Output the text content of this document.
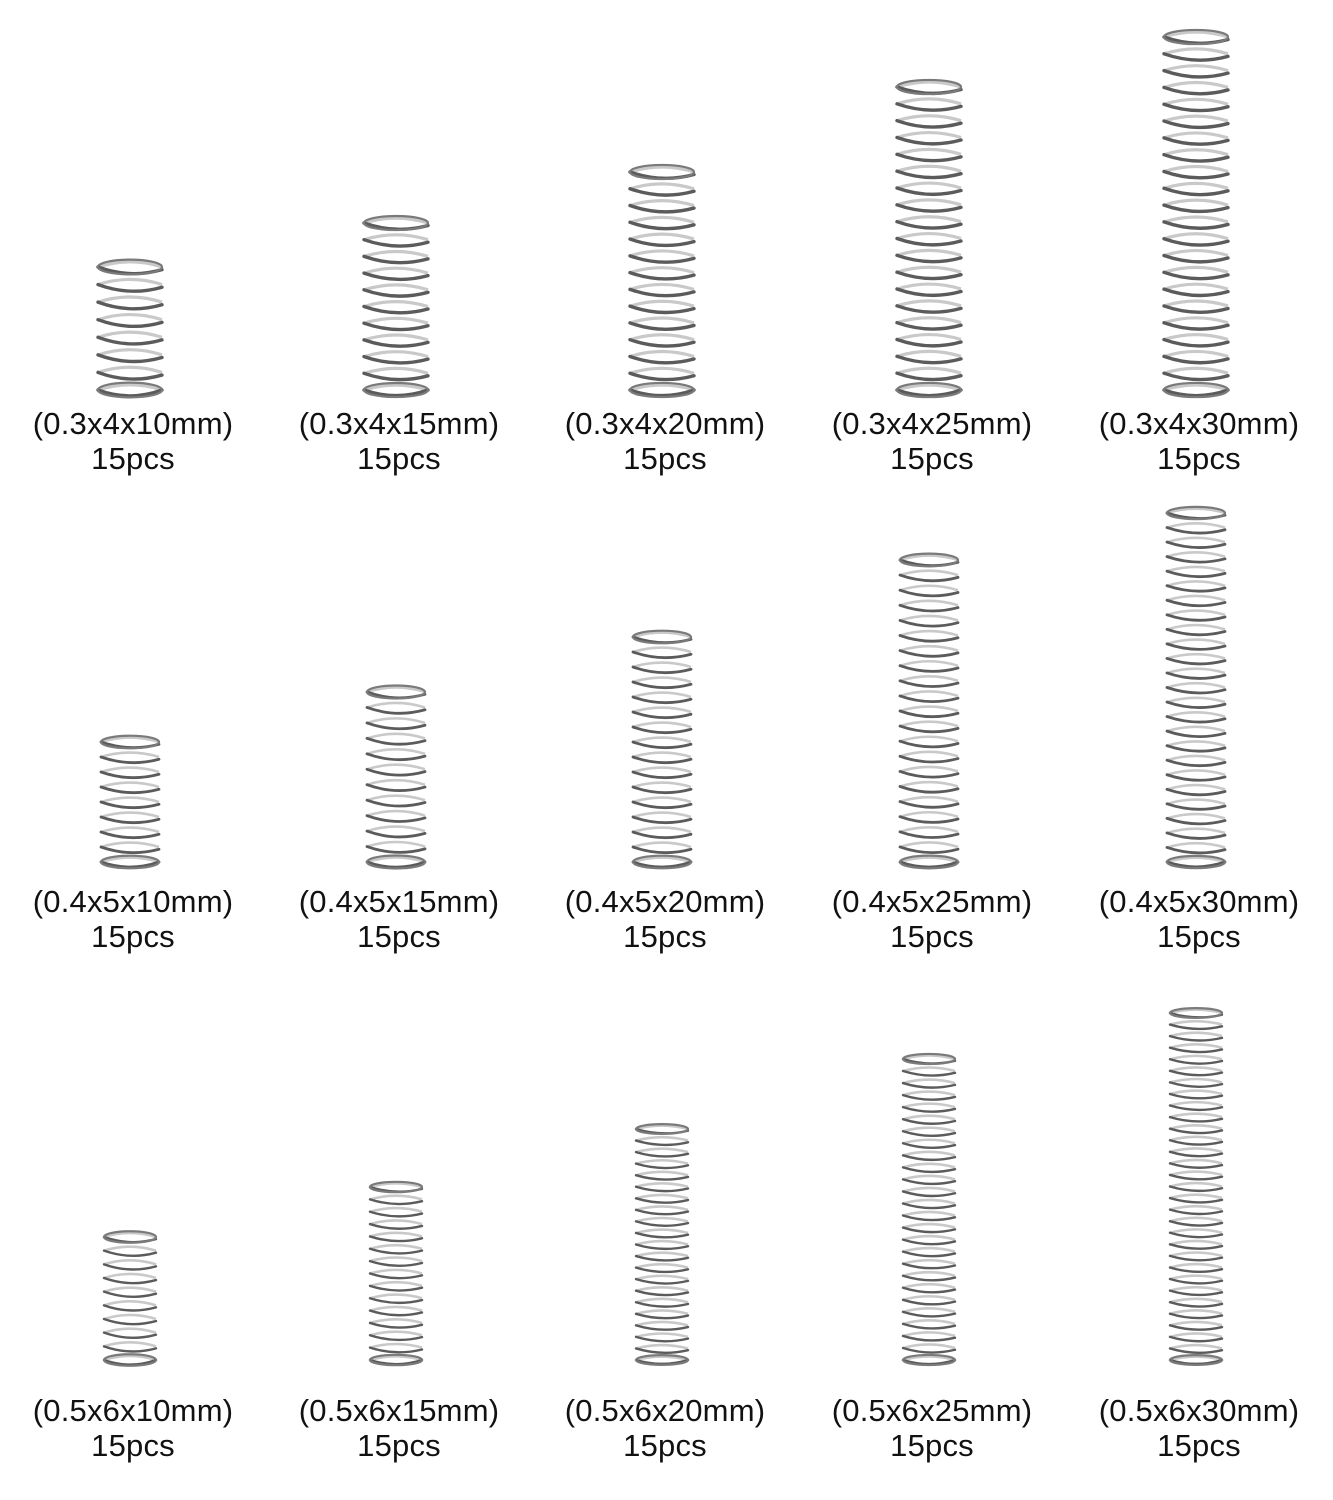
(0.3x4x10mm)
15pcs
(0.3x4x15mm)
15pcs
(0.3x4x20mm)
15pcs
(0.3x4x25mm)
15pcs
(0.3x4x30mm)
15pcs
(0.4x5x10mm)
15pcs
(0.4x5x15mm)
15pcs
(0.4x5x20mm)
15pcs
(0.4x5x25mm)
15pcs
(0.4x5x30mm)
15pcs
(0.5x6x10mm)
15pcs
(0.5x6x15mm)
15pcs
(0.5x6x20mm)
15pcs
(0.5x6x25mm)
15pcs
(0.5x6x30mm)
15pcs
